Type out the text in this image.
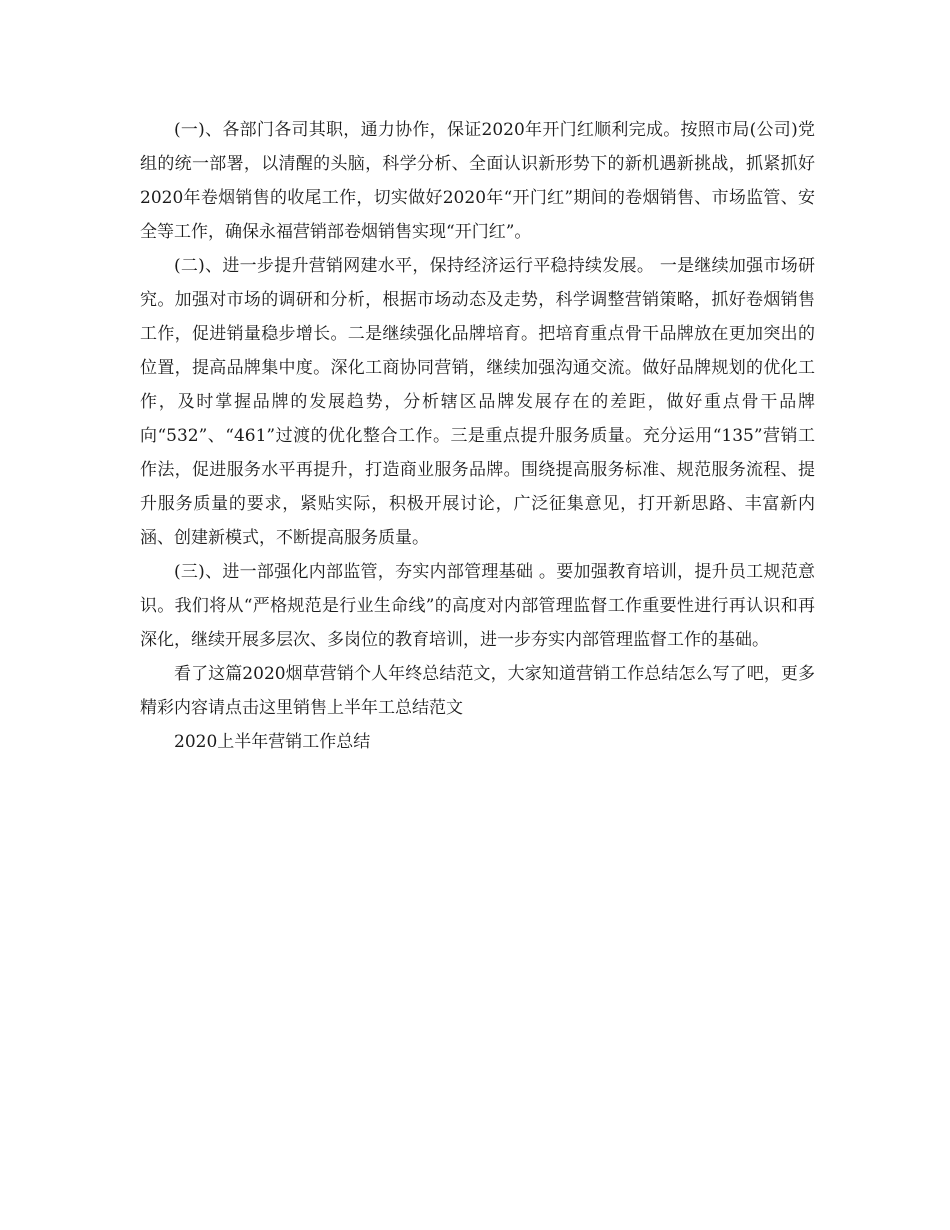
(一)、各部门各司其职，通力协作，保证2020年开门红顺利完成。按照市局(公司)党组的统一部署，以清醒的头脑，科学分析、全面认识新形势下的新机遇新挑战，抓紧抓好2020年卷烟销售的收尾工作，切实做好2020年“开门红”期间的卷烟销售、市场监管、安全等工作，确保永福营销部卷烟销售实现“开门红”。

(二)、进一步提升营销网建水平，保持经济运行平稳持续发展。 一是继续加强市场研究。加强对市场的调研和分析，根据市场动态及走势，科学调整营销策略，抓好卷烟销售工作，促进销量稳步增长。二是继续强化品牌培育。把培育重点骨干品牌放在更加突出的位置，提高品牌集中度。深化工商协同营销，继续加强沟通交流。做好品牌规划的优化工作，及时掌握品牌的发展趋势，分析辖区品牌发展存在的差距，做好重点骨干品牌向“532”、“461”过渡的优化整合工作。三是重点提升服务质量。充分运用“135”营销工作法，促进服务水平再提升，打造商业服务品牌。围绕提高服务标准、规范服务流程、提升服务质量的要求，紧贴实际，积极开展讨论，广泛征集意见，打开新思路、丰富新内涵、创建新模式，不断提高服务质量。

(三)、进一部强化内部监管，夯实内部管理基础 。要加强教育培训，提升员工规范意识。我们将从“严格规范是行业生命线”的高度对内部管理监督工作重要性进行再认识和再深化，继续开展多层次、多岗位的教育培训，进一步夯实内部管理监督工作的基础。

看了这篇2020烟草营销个人年终总结范文，大家知道营销工作总结怎么写了吧，更多精彩内容请点击这里销售上半年工总结范文

2020上半年营销工作总结
